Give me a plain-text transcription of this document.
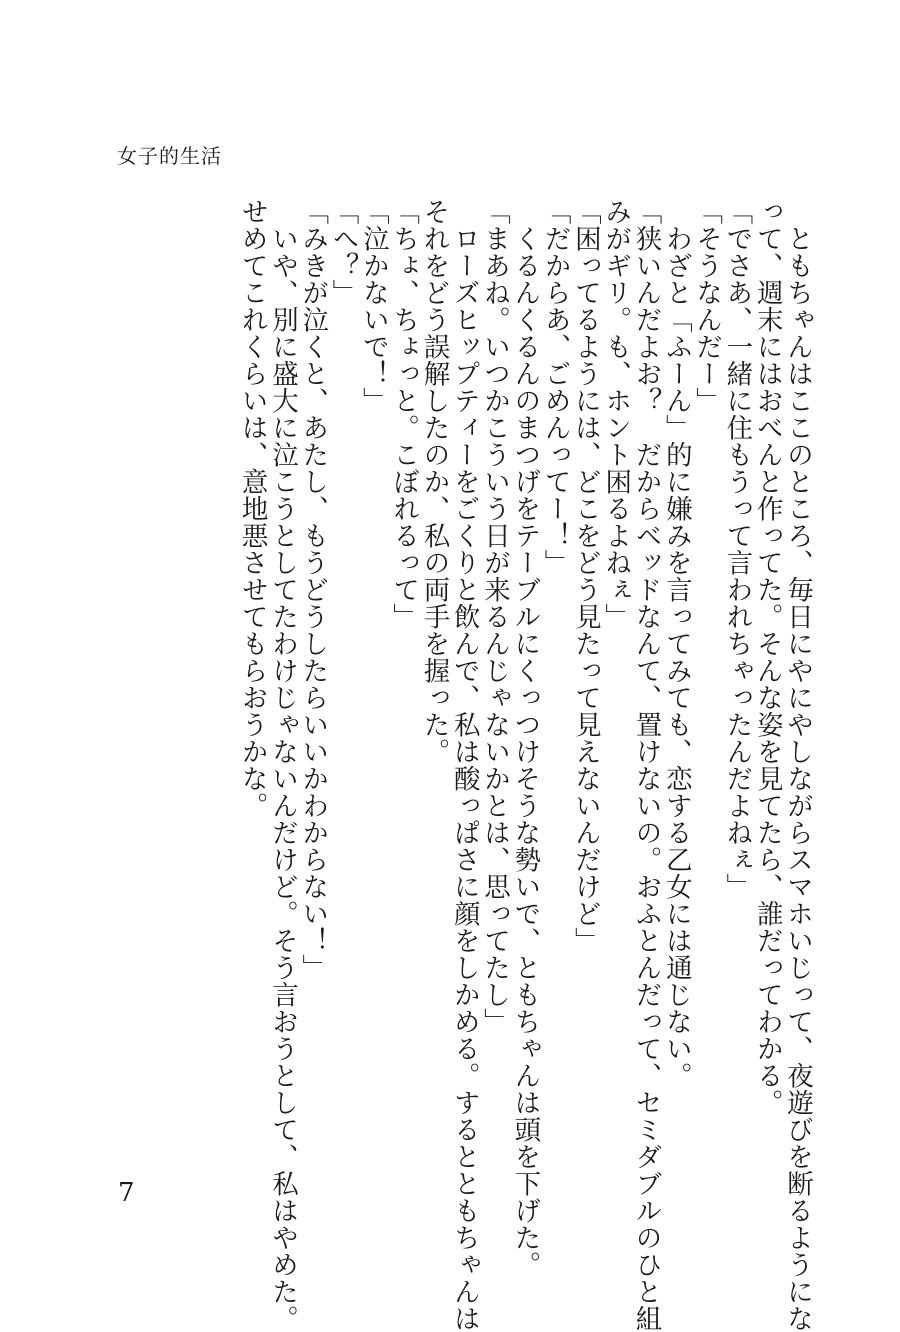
女子的生活
　ともちゃんはここのところ、毎日にやにやしながらスマホいじって、夜遊びを断るようにな
って、週末にはおべんと作ってた。そんな姿を見てたら、誰だってわかる。
「でさあ、一緒に住もうって言われちゃったんだよねぇ」
「そうなんだー」
　わざと「ふーん」的に嫌みを言ってみても、恋する乙女には通じない。
「狭いんだよお？　だからベッドなんて、置けないの。おふとんだって、セミダブルのひと組
みがギリ。も、ホント困るよねぇ」
「困ってるようには、どこをどう見たって見えないんだけど」
「だからあ、ごめんってー！」
　くるんくるんのまつげをテーブルにくっつけそうな勢いで、ともちゃんは頭を下げた。
「まあね。いつかこういう日が来るんじゃないかとは、思ってたし」
　ローズヒップティーをごくりと飲んで、私は酸っぱさに顔をしかめる。するとともちゃんは
それをどう誤解したのか、私の両手を握った。
「ちょ、ちょっと。こぼれるって」
「泣かないで！」
「へ？」
「みきが泣くと、あたし、もうどうしたらいいかわからない！」
　いや、別に盛大に泣こうとしてたわけじゃないんだけど。そう言おうとして、私はやめた。
せめてこれくらいは、意地悪させてもらおうかな。
7
